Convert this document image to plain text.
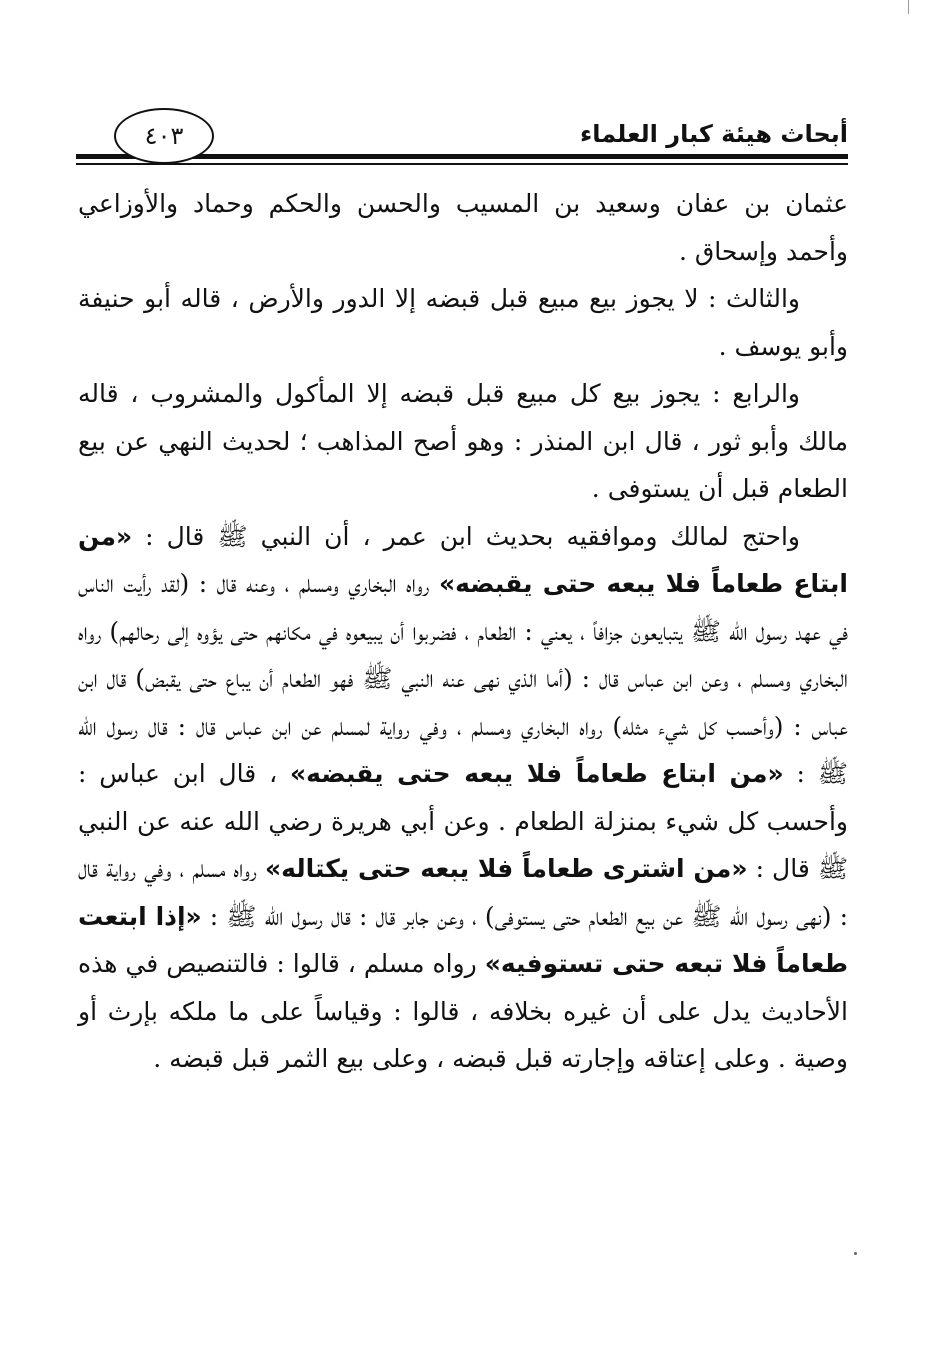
أبحاث هيئة كبار العلماء
٤٠٣

عثمان بن عفان وسعيد بن المسيب والحسن والحكم وحماد والأوزاعي وأحمد وإسحاق .

والثالث : لا يجوز بيع مبيع قبل قبضه إلا الدور والأرض ، قاله أبو حنيفة وأبو يوسف .

والرابع : يجوز بيع كل مبيع قبل قبضه إلا المأكول والمشروب ، قاله مالك وأبو ثور ، قال ابن المنذر : وهو أصح المذاهب ؛ لحديث النهي عن بيع الطعام قبل أن يستوفى .

واحتج لمالك وموافقيه بحديث ابن عمر ، أن النبي ﷺ قال : «من ابتاع طعاماً فلا يبعه حتى يقبضه» رواه البخاري ومسلم ، وعنه قال : (لقد رأيت الناس في عهد رسول الله ﷺ يتبايعون جزافاً ، يعني : الطعام ، فضربوا أن يبيعوه في مكانهم حتى يؤوه إلى رحالهم) رواه البخاري ومسلم ، وعن ابن عباس قال : (أما الذي نهى عنه النبي ﷺ فهو الطعام أن يباع حتى يقبض) قال ابن عباس : (وأحسب كل شيء مثله) رواه البخاري ومسلم ، وفي رواية لمسلم عن ابن عباس قال : قال رسول الله ﷺ : «من ابتاع طعاماً فلا يبعه حتى يقبضه» ، قال ابن عباس : وأحسب كل شيء بمنزلة الطعام . وعن أبي هريرة رضي الله عنه عن النبي ﷺ قال : «من اشترى طعاماً فلا يبعه حتى يكتاله» رواه مسلم ، وفي رواية قال : (نهى رسول الله ﷺ عن بيع الطعام حتى يستوفى) ، وعن جابر قال : قال رسول الله ﷺ : «إذا ابتعت طعاماً فلا تبعه حتى تستوفيه» رواه مسلم ، قالوا : فالتنصيص في هذه الأحاديث يدل على أن غيره بخلافه ، قالوا : وقياساً على ما ملكه بإرث أو وصية . وعلى إعتاقه وإجارته قبل قبضه ، وعلى بيع الثمر قبل قبضه .
